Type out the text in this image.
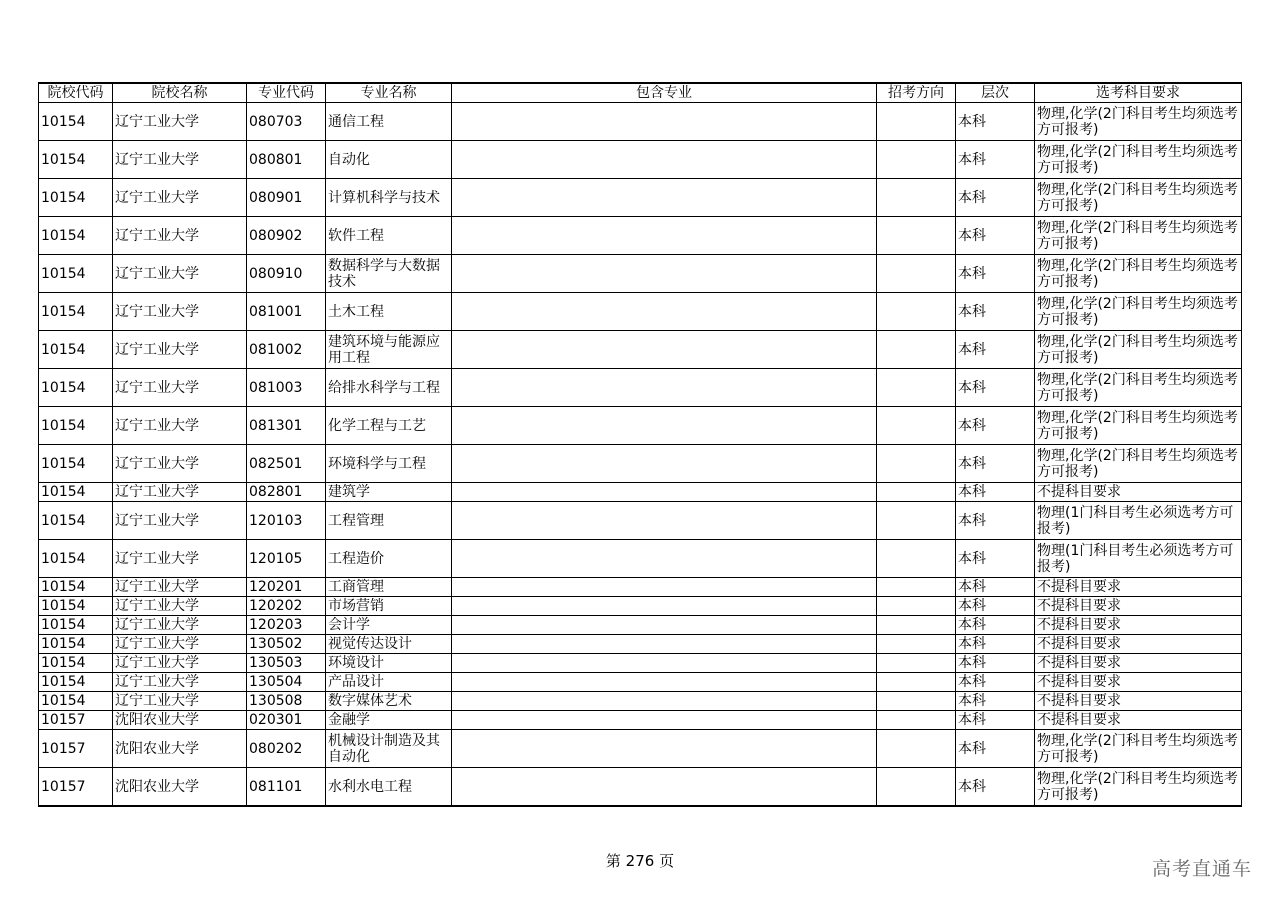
院校代码	院校名称	专业代码	专业名称	包含专业	招考方向	层次	选考科目要求
10154	辽宁工业大学	080703	通信工程			本科	物理,化学(2门科目考生均须选考方可报考)
10154	辽宁工业大学	080801	自动化			本科	物理,化学(2门科目考生均须选考方可报考)
10154	辽宁工业大学	080901	计算机科学与技术			本科	物理,化学(2门科目考生均须选考方可报考)
10154	辽宁工业大学	080902	软件工程			本科	物理,化学(2门科目考生均须选考方可报考)
10154	辽宁工业大学	080910	数据科学与大数据技术			本科	物理,化学(2门科目考生均须选考方可报考)
10154	辽宁工业大学	081001	土木工程			本科	物理,化学(2门科目考生均须选考方可报考)
10154	辽宁工业大学	081002	建筑环境与能源应用工程			本科	物理,化学(2门科目考生均须选考方可报考)
10154	辽宁工业大学	081003	给排水科学与工程			本科	物理,化学(2门科目考生均须选考方可报考)
10154	辽宁工业大学	081301	化学工程与工艺			本科	物理,化学(2门科目考生均须选考方可报考)
10154	辽宁工业大学	082501	环境科学与工程			本科	物理,化学(2门科目考生均须选考方可报考)
10154	辽宁工业大学	082801	建筑学			本科	不提科目要求
10154	辽宁工业大学	120103	工程管理			本科	物理(1门科目考生必须选考方可报考)
10154	辽宁工业大学	120105	工程造价			本科	物理(1门科目考生必须选考方可报考)
10154	辽宁工业大学	120201	工商管理			本科	不提科目要求
10154	辽宁工业大学	120202	市场营销			本科	不提科目要求
10154	辽宁工业大学	120203	会计学			本科	不提科目要求
10154	辽宁工业大学	130502	视觉传达设计			本科	不提科目要求
10154	辽宁工业大学	130503	环境设计			本科	不提科目要求
10154	辽宁工业大学	130504	产品设计			本科	不提科目要求
10154	辽宁工业大学	130508	数字媒体艺术			本科	不提科目要求
10157	沈阳农业大学	020301	金融学			本科	不提科目要求
10157	沈阳农业大学	080202	机械设计制造及其自动化			本科	物理,化学(2门科目考生均须选考方可报考)
10157	沈阳农业大学	081101	水利水电工程			本科	物理,化学(2门科目考生均须选考方可报考)
第 276 页	高考直通车
